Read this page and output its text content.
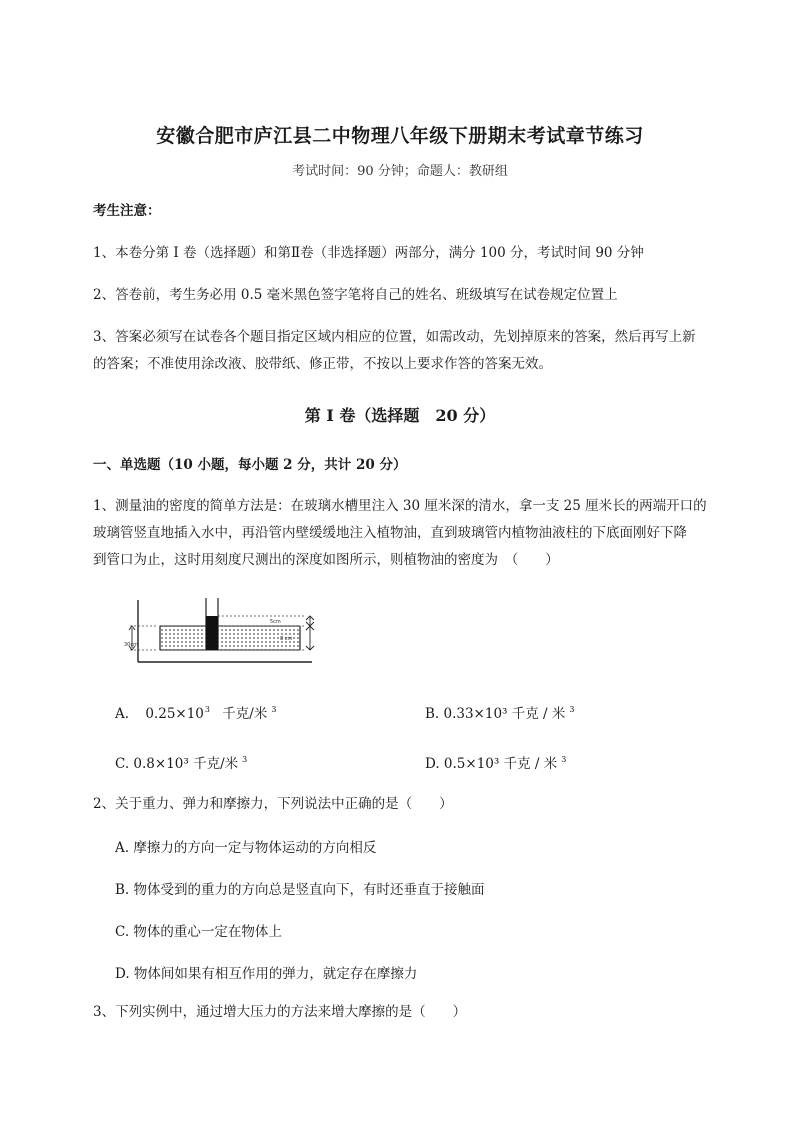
安徽合肥市庐江县二中物理八年级下册期末考试章节练习
考试时间：90 分钟；命题人：教研组
考生注意：
1、本卷分第 I 卷（选择题）和第Ⅱ卷（非选择题）两部分，满分 100 分，考试时间 90 分钟
2、答卷前，考生务必用 0.5 毫米黑色签字笔将自己的姓名、班级填写在试卷规定位置上
3、答案必须写在试卷各个题目指定区域内相应的位置，如需改动，先划掉原来的答案，然后再写上新
的答案；不准使用涂改液、胶带纸、修正带，不按以上要求作答的答案无效。
第 I 卷（选择题　20 分）
一、单选题（10 小题，每小题 2 分，共计 20 分）
1、测量油的密度的简单方法是：在玻璃水槽里注入 30 厘米深的清水，拿一支 25 厘米长的两端开口的
玻璃管竖直地插入水中，再沿管内壁缓缓地注入植物油，直到玻璃管内植物油液柱的下底面刚好下降
到管口为止，这时用刻度尺测出的深度如图所示，则植物油的密度为　（　　）
30cm
5cm
8 cm
A. $0.25\times 10^3$ 千克/米 $^3$	B. 0.33×10³ 千克 / 米 $^3$
C. 0.8×10³ 千克/米 $^3$	D. 0.5×10³ 千克 / 米 $^3$
2、关于重力、弹力和摩擦力，下列说法中正确的是（　　）
A. 摩擦力的方向一定与物体运动的方向相反
B. 物体受到的重力的方向总是竖直向下，有时还垂直于接触面
C. 物体的重心一定在物体上
D. 物体间如果有相互作用的弹力，就定存在摩擦力
3、下列实例中，通过增大压力的方法来增大摩擦的是（　　）
